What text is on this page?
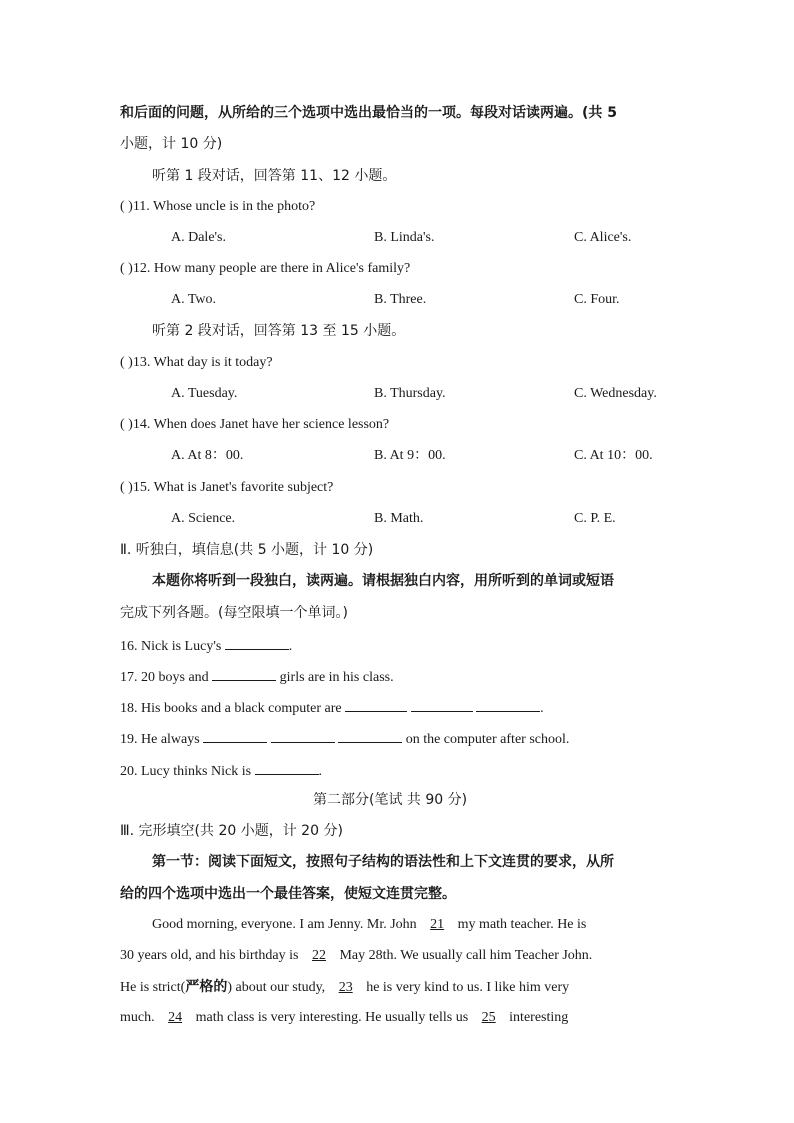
和后面的问题，从所给的三个选项中选出最恰当的一项。每段对话读两遍。(共 5
小题，计 10 分)
听第 1 段对话，回答第 11、12 小题。
( )11. Whose uncle is in the photo?
A. Dale's.	B. Linda's.	C. Alice's.
( )12. How many people are there in Alice's family?
A. Two.	B. Three.	C. Four.
听第 2 段对话，回答第 13 至 15 小题。
( )13. What day is it today?
A. Tuesday.	B. Thursday.	C. Wednesday.
( )14. When does Janet have her science lesson?
A. At 8：00.	B. At 9：00.	C. At 10：00.
( )15. What is Janet's favorite subject?
A. Science.	B. Math.	C. P. E.
Ⅱ. 听独白，填信息(共 5 小题，计 10 分)
本题你将听到一段独白，读两遍。请根据独白内容，用所听到的单词或短语
完成下列各题。(每空限填一个单词。)
16. Nick is Lucy's	.
17. 20 boys and	girls are in his class.
18. His books and a black computer are	.
19. He always	on the computer after school.
20. Lucy thinks Nick is	.
第二部分(笔试 共 90 分)
Ⅲ. 完形填空(共 20 小题，计 20 分)
第一节：阅读下面短文，按照句子结构的语法性和上下文连贯的要求，从所
给的四个选项中选出一个最佳答案，使短文连贯完整。
Good morning, everyone. I am Jenny. Mr. John 21 my math teacher. He is
30 years old, and his birthday is 22 May 28th. We usually call him Teacher John.
He is strict(严格的) about our study, 23 he is very kind to us. I like him very
much. 24 math class is very interesting. He usually tells us 25 interesting
